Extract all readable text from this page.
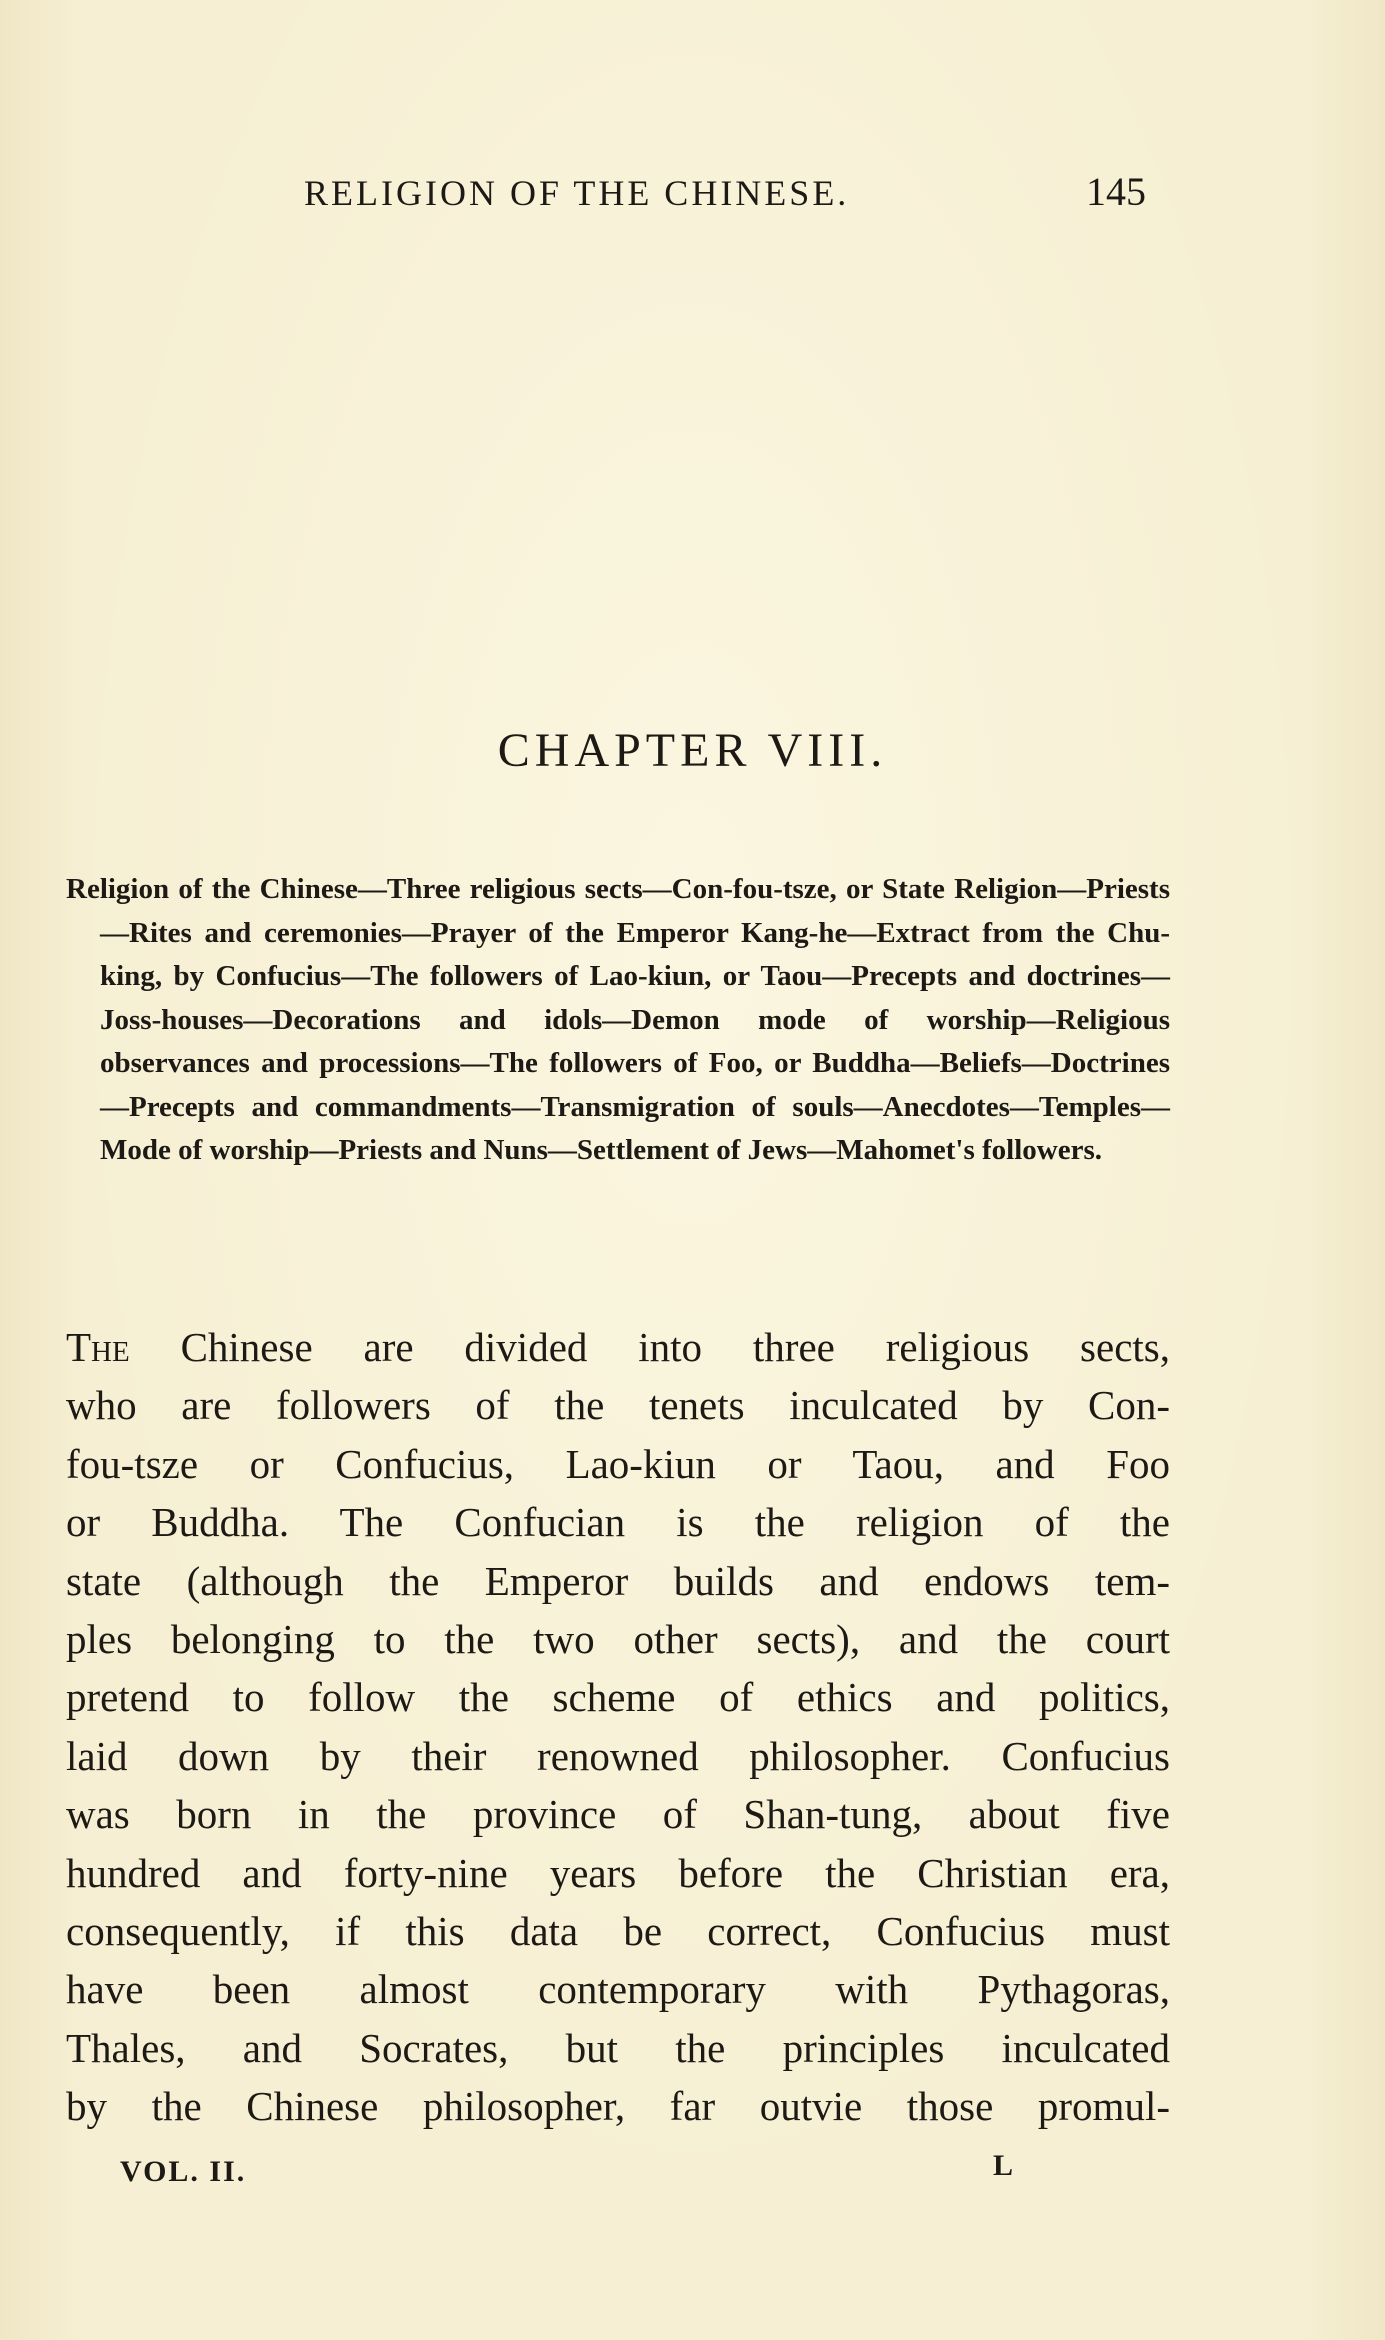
RELIGION OF THE CHINESE.	145
CHAPTER VIII.
Religion of the Chinese—Three religious sects—Con-fou-tsze, or State Religion—Priests—Rites and ceremonies—Prayer of the Emperor Kang-he—Extract from the Chu-king, by Confucius—The followers of Lao-kiun, or Taou—Precepts and doctrines—Joss-houses—Decorations and idols—Demon mode of worship—Religious observances and processions—The followers of Foo, or Buddha—Beliefs—Doctrines—Precepts and commandments—Transmigration of souls—Anecdotes—Temples—Mode of worship—Priests and Nuns—Settlement of Jews—Mahomet's followers.
The Chinese are divided into three religious sects,
who are followers of the tenets inculcated by Con-
fou-tsze or Confucius, Lao-kiun or Taou, and Foo
or Buddha. The Confucian is the religion of the
state (although the Emperor builds and endows tem-
ples belonging to the two other sects), and the court
pretend to follow the scheme of ethics and politics,
laid down by their renowned philosopher. Confucius
was born in the province of Shan-tung, about five
hundred and forty-nine years before the Christian era,
consequently, if this data be correct, Confucius must
have been almost contemporary with Pythagoras,
Thales, and Socrates, but the principles inculcated
by the Chinese philosopher, far outvie those promul-
VOL. II.	L
